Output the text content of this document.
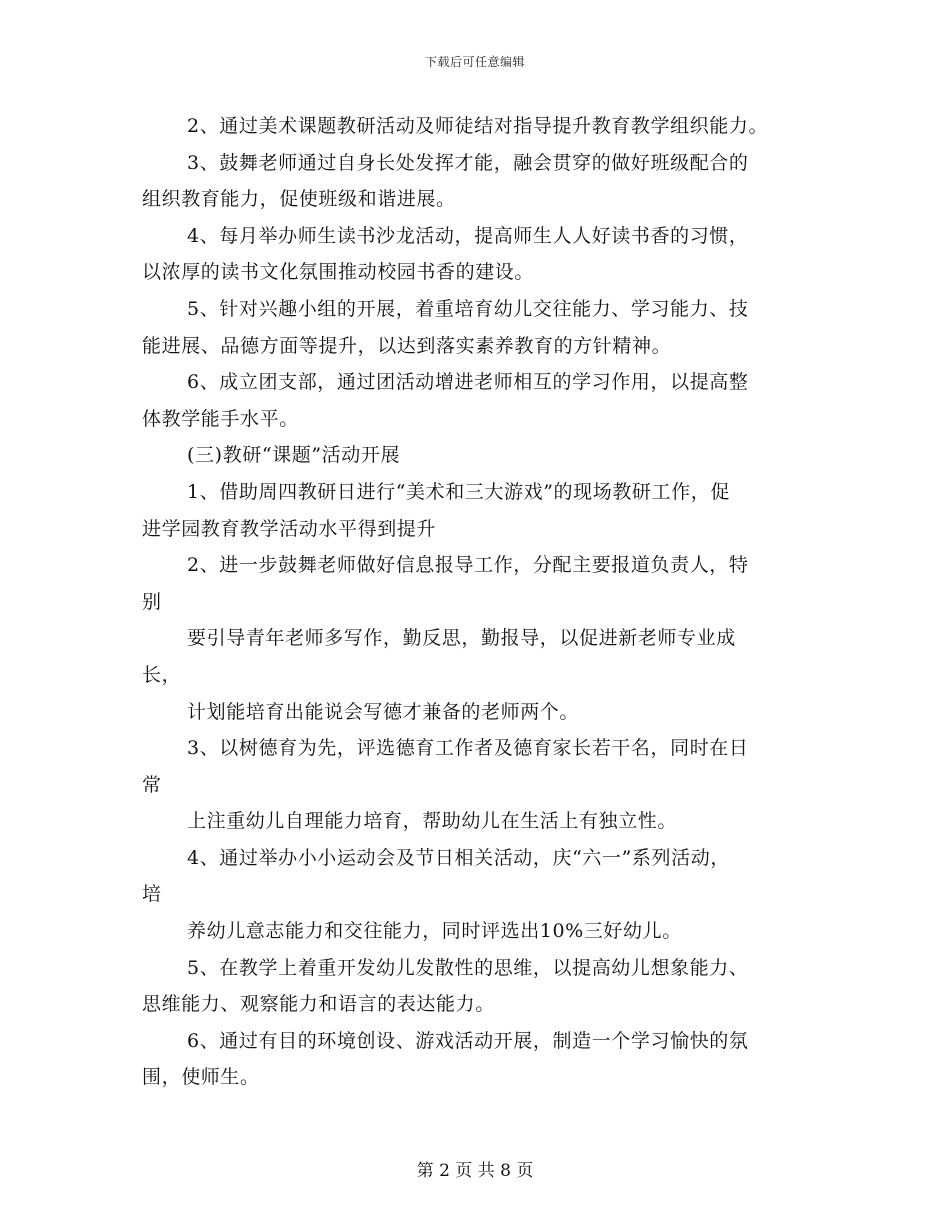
下载后可任意编辑
2、通过美术课题教研活动及师徒结对指导提升教育教学组织能力。
3、鼓舞老师通过自身长处发挥才能，融会贯穿的做好班级配合的
组织教育能力，促使班级和谐进展。
4、每月举办师生读书沙龙活动，提高师生人人好读书香的习惯，
以浓厚的读书文化氛围推动校园书香的建设。
5、针对兴趣小组的开展，着重培育幼儿交往能力、学习能力、技
能进展、品德方面等提升，以达到落实素养教育的方针精神。
6、成立团支部，通过团活动增进老师相互的学习作用，以提高整
体教学能手水平。
(三)教研“课题”活动开展
1、借助周四教研日进行“美术和三大游戏”的现场教研工作，促
进学园教育教学活动水平得到提升
2、进一步鼓舞老师做好信息报导工作，分配主要报道负责人，特
别
要引导青年老师多写作，勤反思，勤报导，以促进新老师专业成
长，
计划能培育出能说会写德才兼备的老师两个。
3、以树德育为先，评选德育工作者及德育家长若干名，同时在日
常
上注重幼儿自理能力培育，帮助幼儿在生活上有独立性。
4、通过举办小小运动会及节日相关活动，庆“六一”系列活动，
培
养幼儿意志能力和交往能力，同时评选出10%三好幼儿。
5、在教学上着重开发幼儿发散性的思维，以提高幼儿想象能力、
思维能力、观察能力和语言的表达能力。
6、通过有目的环境创设、游戏活动开展，制造一个学习愉快的氛
围，使师生。
第 2 页 共 8 页
